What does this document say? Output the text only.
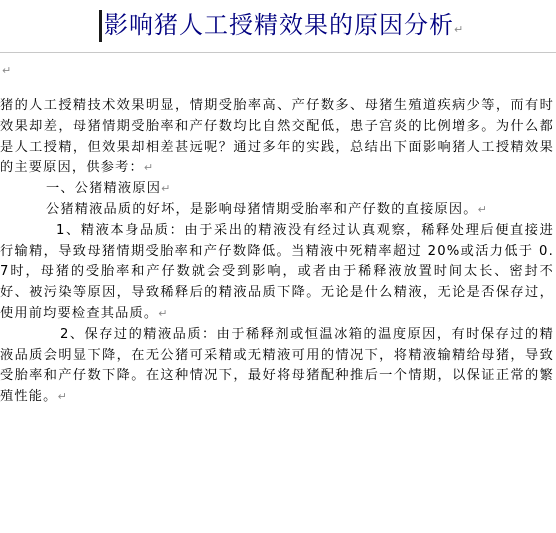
影响猪人工授精效果的原因分析↵
↵

猪的人工授精技术效果明显，情期受胎率高、产仔数多、母猪生殖道疾病少等，而有时效果却差，母猪情期受胎率和产仔数均比自然交配低，患子宫炎的比例增多。为什么都是人工授精，但效果却相差甚远呢？通过多年的实践，总结出下面影响猪人工授精效果的主要原因，供参考：↵

一、公猪精液原因↵

公猪精液品质的好坏，是影响母猪情期受胎率和产仔数的直接原因。↵

1、精液本身品质：由于采出的精液没有经过认真观察，稀释处理后便直接进行输精，导致母猪情期受胎率和产仔数降低。当精液中死精率超过 20%或活力低于 0.7时，母猪的受胎率和产仔数就会受到影响，或者由于稀释液放置时间太长、密封不好、被污染等原因，导致稀释后的精液品质下降。无论是什么精液，无论是否保存过，使用前均要检查其品质。↵

2、保存过的精液品质：由于稀释剂或恒温冰箱的温度原因，有时保存过的精液品质会明显下降，在无公猪可采精或无精液可用的情况下，将精液输精给母猪，导致受胎率和产仔数下降。在这种情况下，最好将母猪配种推后一个情期，以保证正常的繁殖性能。↵
